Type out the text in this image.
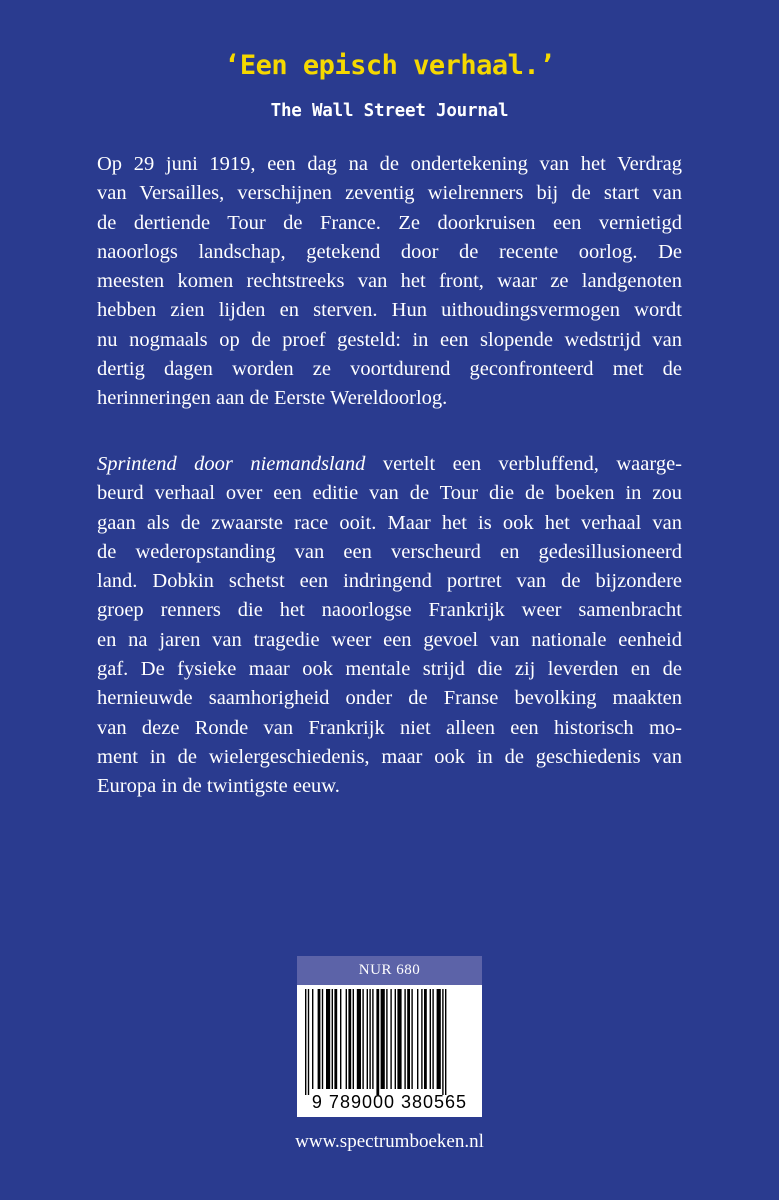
‘Een episch verhaal.’
The Wall Street Journal
Op 29 juni 1919, een dag na de ondertekening van het Verdrag
van Versailles, verschijnen zeventig wielrenners bij de start van
de dertiende Tour de France. Ze doorkruisen een vernietigd
naoorlogs landschap, getekend door de recente oorlog. De
meesten komen rechtstreeks van het front, waar ze landgenoten
hebben zien lijden en sterven. Hun uithoudingsvermogen wordt
nu nogmaals op de proef gesteld: in een slopende wedstrijd van
dertig dagen worden ze voortdurend geconfronteerd met de
herinneringen aan de Eerste Wereldoorlog.
Sprintend door niemandsland vertelt een verbluffend, waarge-
beurd verhaal over een editie van de Tour die de boeken in zou
gaan als de zwaarste race ooit. Maar het is ook het verhaal van
de wederopstanding van een verscheurd en gedesillusioneerd
land. Dobkin schetst een indringend portret van de bijzondere
groep renners die het naoorlogse Frankrijk weer samenbracht
en na jaren van tragedie weer een gevoel van nationale eenheid
gaf. De fysieke maar ook mentale strijd die zij leverden en de
hernieuwde saamhorigheid onder de Franse bevolking maakten
van deze Ronde van Frankrijk niet alleen een historisch mo-
ment in de wielergeschiedenis, maar ook in de geschiedenis van
Europa in de twintigste eeuw.
NUR 680
9 789000 380565
www.spectrumboeken.nl
